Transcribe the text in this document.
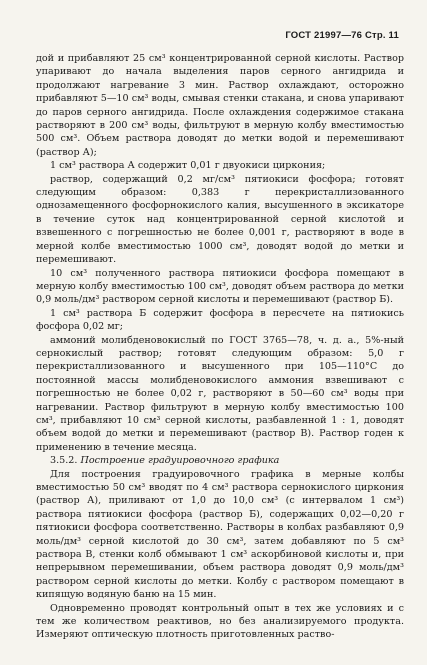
ГОСТ 21997—76 Стр. 11

дой и прибавляют 25 см³ концентрированной серной кислоты. Раствор упаривают до начала выделения паров серного ангидрида и продолжают нагревание 3 мин. Раствор охлаждают, осторожно прибавляют 5—10 см³ воды, смывая стенки стакана, и снова упаривают до паров серного ангидрида. После охлаждения содержимое стакана растворяют в 200 см³ воды, фильтруют в мерную колбу вместимостью 500 см³. Объем раствора доводят до метки водой и перемешивают (раствор А);

1 см³ раствора А содержит 0,01 г двуокиси циркония;

раствор, содержащий 0,2 мг/см³ пятиокиси фосфора; готовят следующим образом: 0,383 г перекристаллизованного однозамещенного фосфорнокислого калия, высушенного в эксикаторе в течение суток над концентрированной серной кислотой и взвешенного с погрешностью не более 0,001 г, растворяют в воде в мерной колбе вместимостью 1000 см³, доводят водой до метки и перемешивают.

10 см³ полученного раствора пятиокиси фосфора помещают в мерную колбу вместимостью 100 см³, доводят объем раствора до метки 0,9 моль/дм³ раствором серной кислоты и перемешивают (раствор Б).

1 см³ раствора Б содержит фосфора в пересчете на пятиокись фосфора 0,02 мг;

аммоний молибденовокислый по ГОСТ 3765—78, ч. д. а., 5%-ный сернокислый раствор; готовят следующим образом: 5,0 г перекристаллизованного и высушенного при 105—110°С до постоянной массы молибденовокислого аммония взвешивают с погрешностью не более 0,02 г, растворяют в 50—60 см³ воды при нагревании. Раствор фильтруют в мерную колбу вместимостью 100 см³, прибавляют 10 см³ серной кислоты, разбавленной 1 : 1, доводят объем водой до метки и перемешивают (раствор В). Раствор годен к применению в течение месяца.

3.5.2. Построение градуировочного графика

Для построения градуировочного графика в мерные колбы вместимостью 50 см³ вводят по 4 см³ раствора сернокислого циркония (раствор А), приливают от 1,0 до 10,0 см³ (с интервалом 1 см³) раствора пятиокиси фосфора (раствор Б), содержащих 0,02—0,20 г пятиокиси фосфора соответственно. Растворы в колбах разбавляют 0,9 моль/дм³ серной кислотой до 30 см³, затем добавляют по 5 см³ раствора В, стенки колб обмывают 1 см³ аскорбиновой кислоты и, при непрерывном перемешивании, объем раствора доводят 0,9 моль/дм³ раствором серной кислоты до метки. Колбу с раствором помещают в кипящую водяную баню на 15 мин.

Одновременно проводят контрольный опыт в тех же условиях и с тем же количеством реактивов, но без анализируемого продукта. Измеряют оптическую плотность приготовленных раство-
